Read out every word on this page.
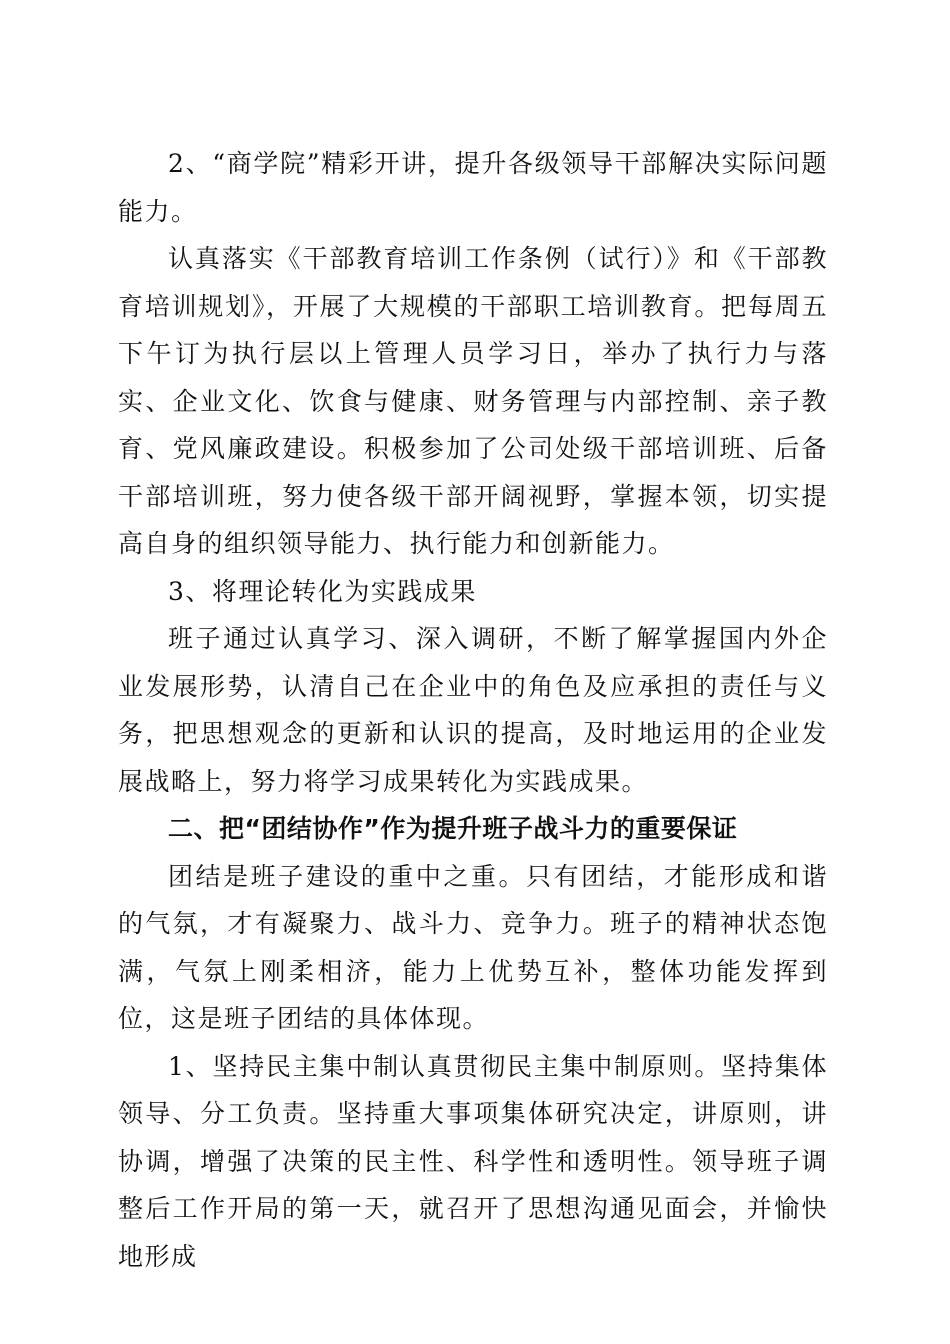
2、“商学院”精彩开讲，提升各级领导干部解决实际问题能力。

认真落实《干部教育培训工作条例（试行）》和《干部教育培训规划》，开展了大规模的干部职工培训教育。把每周五下午订为执行层以上管理人员学习日，举办了执行力与落实、企业文化、饮食与健康、财务管理与内部控制、亲子教育、党风廉政建设。积极参加了公司处级干部培训班、后备干部培训班，努力使各级干部开阔视野，掌握本领，切实提高自身的组织领导能力、执行能力和创新能力。

3、将理论转化为实践成果

班子通过认真学习、深入调研，不断了解掌握国内外企业发展形势，认清自己在企业中的角色及应承担的责任与义务，把思想观念的更新和认识的提高，及时地运用的企业发展战略上，努力将学习成果转化为实践成果。

二、把“团结协作”作为提升班子战斗力的重要保证

团结是班子建设的重中之重。只有团结，才能形成和谐的气氛，才有凝聚力、战斗力、竞争力。班子的精神状态饱满，气氛上刚柔相济，能力上优势互补，整体功能发挥到位，这是班子团结的具体体现。

1、坚持民主集中制认真贯彻民主集中制原则。坚持集体领导、分工负责。坚持重大事项集体研究决定，讲原则，讲协调，增强了决策的民主性、科学性和透明性。领导班子调整后工作开局的第一天，就召开了思想沟通见面会，并愉快地形成
